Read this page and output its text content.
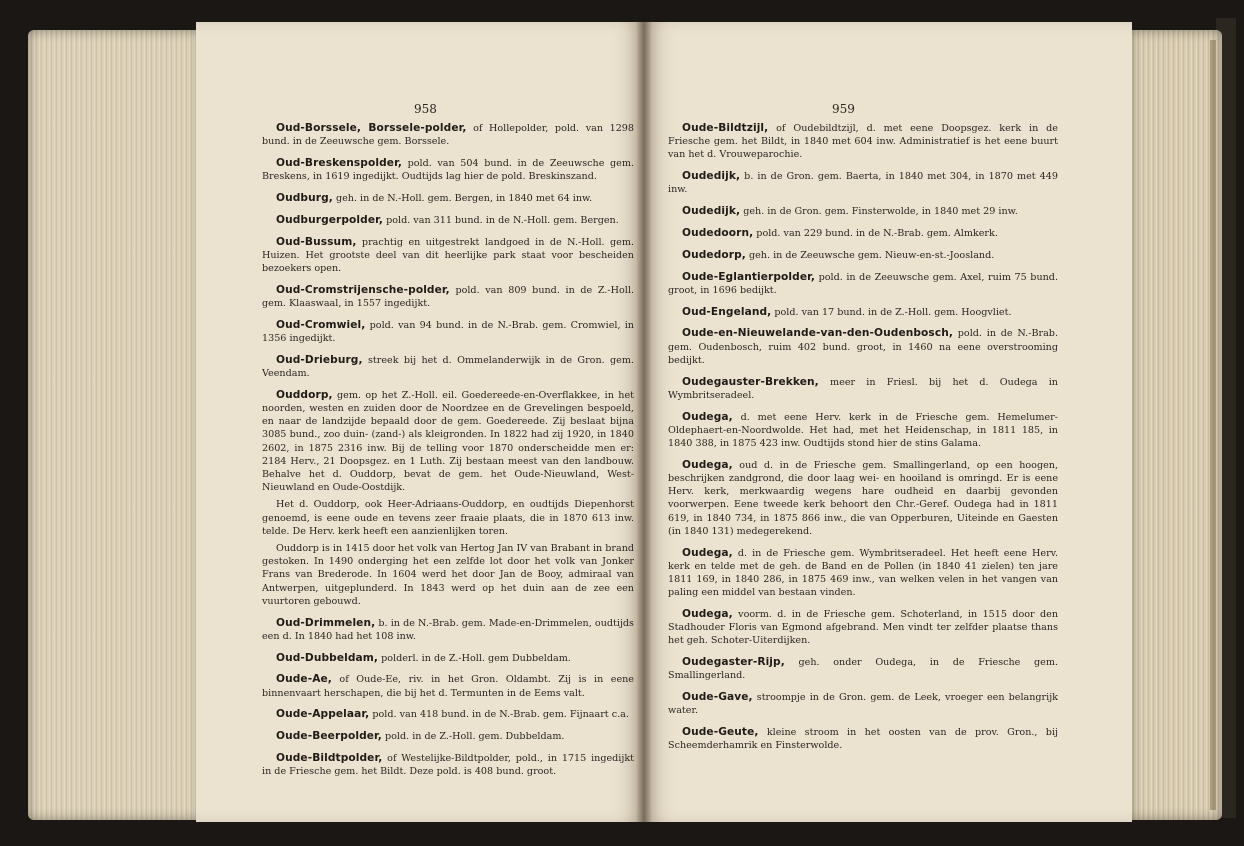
958

Oud-Borssele, Borssele-polder, of Hollepolder, pold. van 1298 bund. in de Zeeuwsche gem. Borssele.

Oud-Breskenspolder, pold. van 504 bund. in de Zeeuwsche gem. Breskens, in 1619 ingedijkt. Oudtijds lag hier de pold. Breskinszand.

Oudburg, geh. in de N.-Holl. gem. Bergen, in 1840 met 64 inw.

Oudburgerpolder, pold. van 311 bund. in de N.-Holl. gem. Bergen.

Oud-Bussum, prachtig en uitgestrekt landgoed in de N.-Holl. gem. Huizen. Het grootste deel van dit heerlijke park staat voor bescheiden bezoekers open.

Oud-Cromstrijensche-polder, pold. van 809 bund. in de Z.-Holl. gem. Klaaswaal, in 1557 ingedijkt.

Oud-Cromwiel, pold. van 94 bund. in de N.-Brab. gem. Cromwiel, in 1356 ingedijkt.

Oud-Drieburg, streek bij het d. Ommelanderwijk in de Gron. gem. Veendam.

Ouddorp, gem. op het Z.-Holl. eil. Goedereede-en-Overflakkee, in het noorden, westen en zuiden door de Noordzee en de Grevelingen bespoeld, en naar de landzijde bepaald door de gem. Goedereede. Zij beslaat bijna 3085 bund., zoo duin- (zand-) als kleigronden. In 1822 had zij 1920, in 1840 2602, in 1875 2316 inw. Bij de telling voor 1870 onderscheidde men er: 2184 Herv., 21 Doopsgez. en 1 Luth. Zij bestaan meest van den landbouw. Behalve het d. Ouddorp, bevat de gem. het Oude-Nieuwland, West-Nieuwland en Oude-Oostdijk.

Het d. Ouddorp, ook Heer-Adriaans-Ouddorp, en oudtijds Diepenhorst genoemd, is eene oude en tevens zeer fraaie plaats, die in 1870 613 inw. telde. De Herv. kerk heeft een aanzienlijken toren.

Ouddorp is in 1415 door het volk van Hertog Jan IV van Brabant in brand gestoken. In 1490 onderging het een zelfde lot door het volk van Jonker Frans van Brederode. In 1604 werd het door Jan de Booy, admiraal van Antwerpen, uitgeplunderd. In 1843 werd op het duin aan de zee een vuurtoren gebouwd.

Oud-Drimmelen, b. in de N.-Brab. gem. Made-en-Drimmelen, oudtijds een d. In 1840 had het 108 inw.

Oud-Dubbeldam, polderl. in de Z.-Holl. gem Dubbeldam.

Oude-Ae, of Oude-Ee, riv. in het Gron. Oldambt. Zij is in eene binnenvaart herschapen, die bij het d. Termunten in de Eems valt.

Oude-Appelaar, pold. van 418 bund. in de N.-Brab. gem. Fijnaart c.a.

Oude-Beerpolder, pold. in de Z.-Holl. gem. Dubbeldam.

Oude-Bildtpolder, of Westelijke-Bildtpolder, pold., in 1715 ingedijkt in de Friesche gem. het Bildt. Deze pold. is 408 bund. groot.

959

Oude-Bildtzijl, of Oudebildtzijl, d. met eene Doopsgez. kerk in de Friesche gem. het Bildt, in 1840 met 604 inw. Administratief is het eene buurt van het d. Vrouweparochie.

Oudedijk, b. in de Gron. gem. Baerta, in 1840 met 304, in 1870 met 449 inw.

Oudedijk, geh. in de Gron. gem. Finsterwolde, in 1840 met 29 inw.

Oudedoorn, pold. van 229 bund. in de N.-Brab. gem. Almkerk.

Oudedorp, geh. in de Zeeuwsche gem. Nieuw-en-st.-Joosland.

Oude-Eglantierpolder, pold. in de Zeeuwsche gem. Axel, ruim 75 bund. groot, in 1696 bedijkt.

Oud-Engeland, pold. van 17 bund. in de Z.-Holl. gem. Hoogvliet.

Oude-en-Nieuwelande-van-den-Oudenbosch, pold. in de N.-Brab. gem. Oudenbosch, ruim 402 bund. groot, in 1460 na eene overstrooming bedijkt.

Oudegauster-Brekken, meer in Friesl. bij het d. Oudega in Wymbritseradeel.

Oudega, d. met eene Herv. kerk in de Friesche gem. Hemelumer-Oldephaert-en-Noordwolde. Het had, met het Heidenschap, in 1811 185, in 1840 388, in 1875 423 inw. Oudtijds stond hier de stins Galama.

Oudega, oud d. in de Friesche gem. Smallingerland, op een hoogen, beschrijken zandgrond, die door laag wei- en hooiland is omringd. Er is eene Herv. kerk, merkwaardig wegens hare oudheid en daarbij gevonden voorwerpen. Eene tweede kerk behoort den Chr.-Geref. Oudega had in 1811 619, in 1840 734, in 1875 866 inw., die van Opperburen, Uiteinde en Gaesten (in 1840 131) medegerekend.

Oudega, d. in de Friesche gem. Wymbritseradeel. Het heeft eene Herv. kerk en telde met de geh. de Band en de Pollen (in 1840 41 zielen) ten jare 1811 169, in 1840 286, in 1875 469 inw., van welken velen in het vangen van paling een middel van bestaan vinden.

Oudega, voorm. d. in de Friesche gem. Schoterland, in 1515 door den Stadhouder Floris van Egmond afgebrand. Men vindt ter zelfder plaatse thans het geh. Schoter-Uiterdijken.

Oudegaster-Rijp, geh. onder Oudega, in de Friesche gem. Smallingerland.

Oude-Gave, stroompje in de Gron. gem. de Leek, vroeger een belangrijk water.

Oude-Geute, kleine stroom in het oosten van de prov. Gron., bij Scheemderhamrik en Finsterwolde.
